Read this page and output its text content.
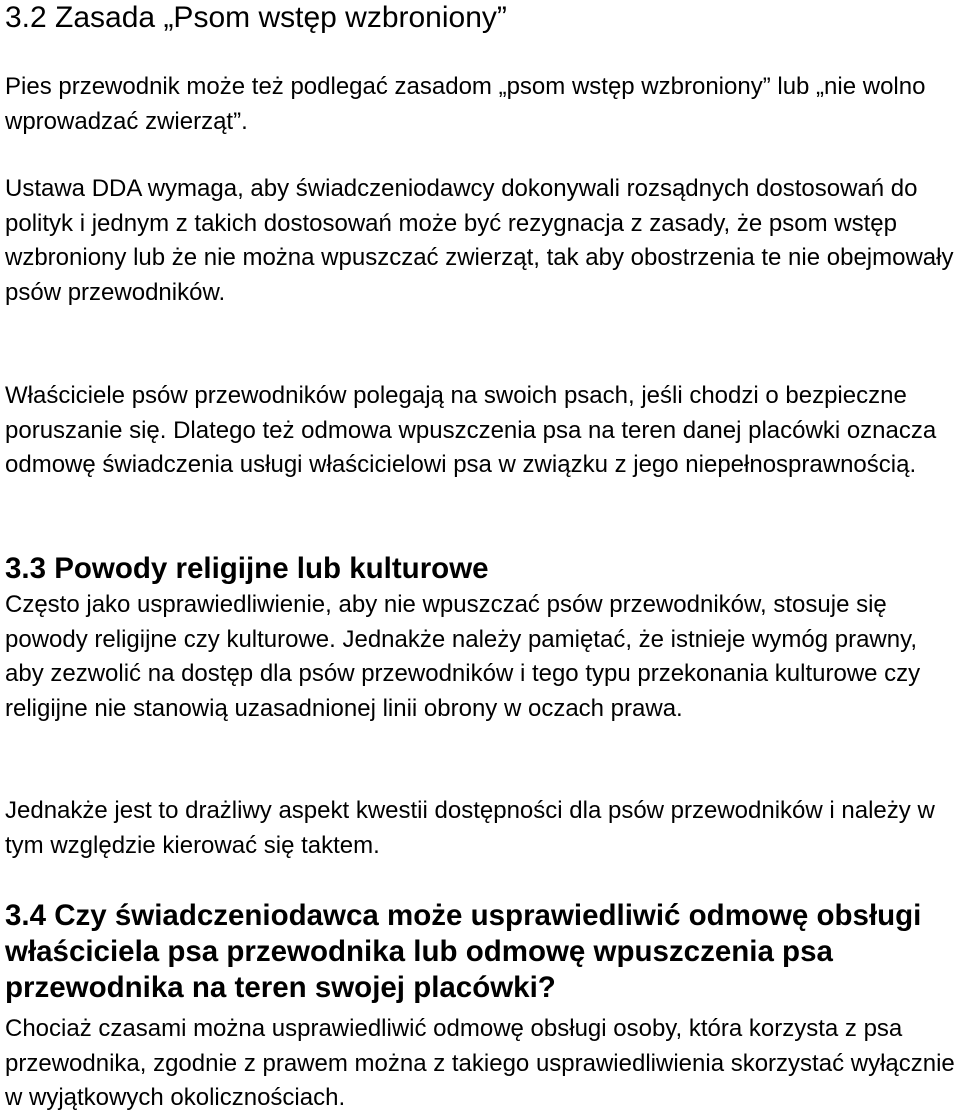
3.2 Zasada „Psom wstęp wzbroniony”

Pies przewodnik może też podlegać zasadom „psom wstęp wzbroniony” lub „nie wolno wprowadzać zwierząt”.

Ustawa DDA wymaga, aby świadczeniodawcy dokonywali rozsądnych dostosowań do polityk i jednym z takich dostosowań może być rezygnacja z zasady, że psom wstęp wzbroniony lub że nie można wpuszczać zwierząt, tak aby obostrzenia te nie obejmowały psów przewodników.

Właściciele psów przewodników polegają na swoich psach, jeśli chodzi o bezpieczne poruszanie się. Dlatego też odmowa wpuszczenia psa na teren danej placówki oznacza odmowę świadczenia usługi właścicielowi psa w związku z jego niepełnosprawnością.

3.3 Powody religijne lub kulturowe

Często jako usprawiedliwienie, aby nie wpuszczać psów przewodników, stosuje się powody religijne czy kulturowe. Jednakże należy pamiętać, że istnieje wymóg prawny, aby zezwolić na dostęp dla psów przewodników i tego typu przekonania kulturowe czy religijne nie stanowią uzasadnionej linii obrony w oczach prawa.

Jednakże jest to drażliwy aspekt kwestii dostępności dla psów przewodników i należy w tym względzie kierować się taktem.

3.4 Czy świadczeniodawca może usprawiedliwić odmowę obsługi właściciela psa przewodnika lub odmowę wpuszczenia psa przewodnika na teren swojej placówki?

Chociaż czasami można usprawiedliwić odmowę obsługi osoby, która korzysta z psa przewodnika, zgodnie z prawem można z takiego usprawiedliwienia skorzystać wyłącznie w wyjątkowych okolicznościach.
